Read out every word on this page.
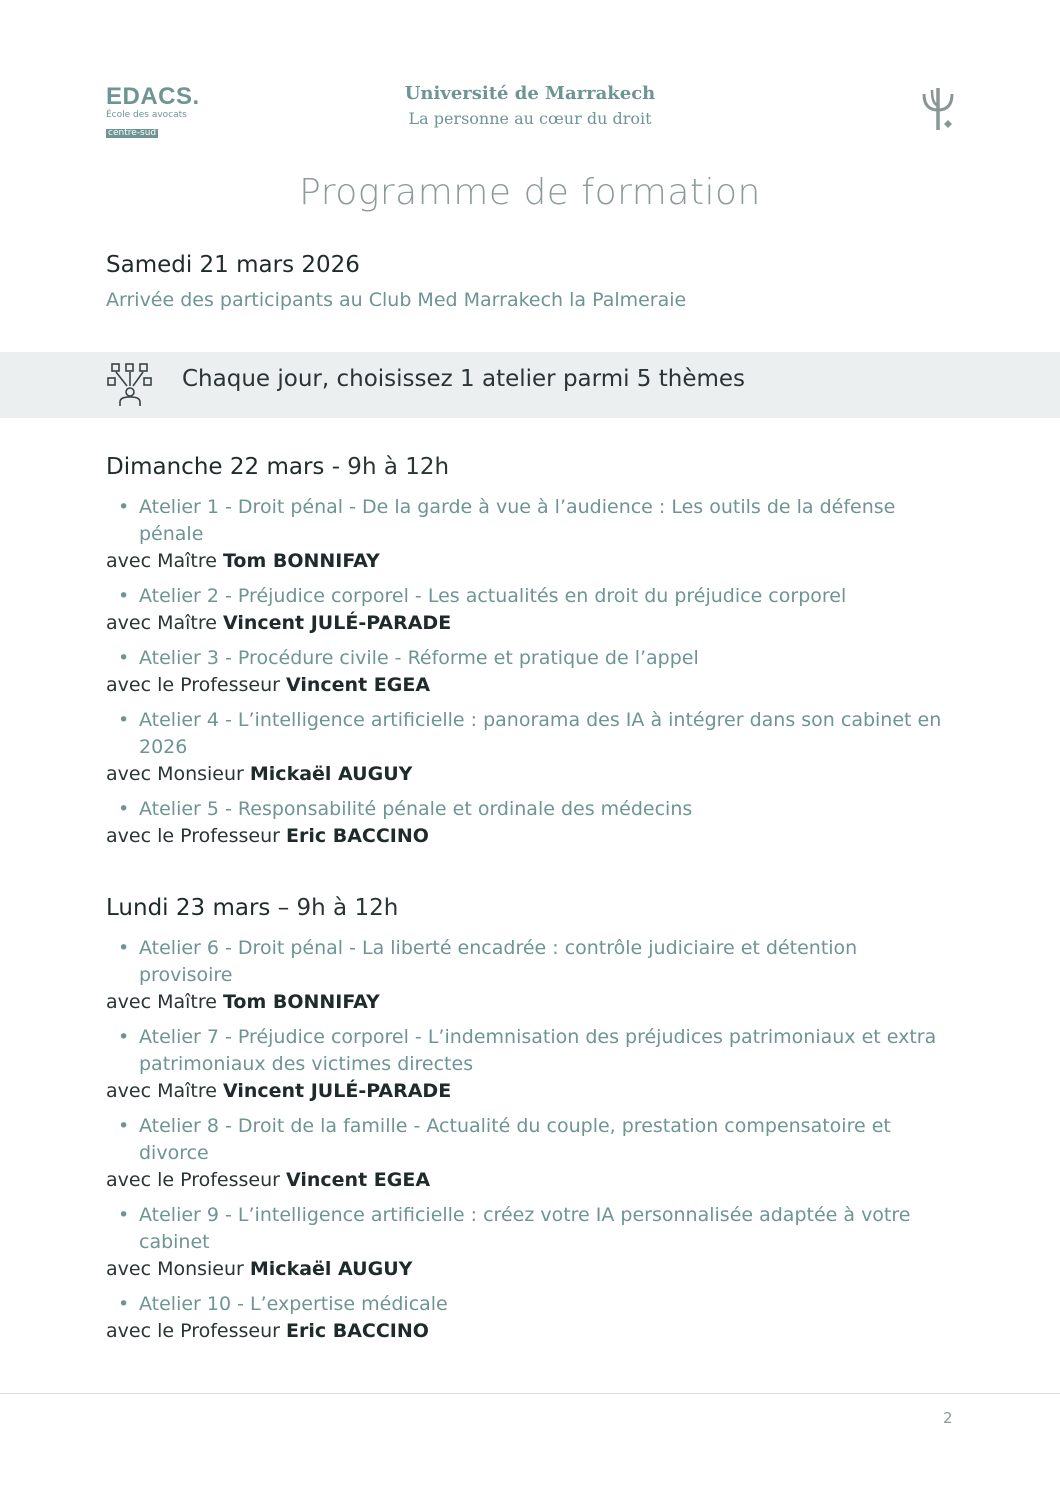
EDACS.
École des avocats
centre-sud
Université de Marrakech
La personne au cœur du droit
Programme de formation
Samedi 21 mars 2026
Arrivée des participants au Club Med Marrakech la Palmeraie
Chaque jour, choisissez 1 atelier parmi 5 thèmes
Dimanche 22 mars - 9h à 12h
• Atelier 1 - Droit pénal - De la garde à vue à l’audience : Les outils de la défense pénale
avec Maître Tom BONNIFAY
• Atelier 2 - Préjudice corporel - Les actualités en droit du préjudice corporel
avec Maître Vincent JULÉ-PARADE
• Atelier 3 - Procédure civile - Réforme et pratique de l’appel
avec le Professeur Vincent EGEA
• Atelier 4 - L’intelligence artificielle : panorama des IA à intégrer dans son cabinet en 2026
avec Monsieur Mickaël AUGUY
• Atelier 5 - Responsabilité pénale et ordinale des médecins
avec le Professeur Eric BACCINO
Lundi 23 mars – 9h à 12h
• Atelier 6 - Droit pénal - La liberté encadrée : contrôle judiciaire et détention provisoire
avec Maître Tom BONNIFAY
• Atelier 7 - Préjudice corporel - L’indemnisation des préjudices patrimoniaux et extra patrimoniaux des victimes directes
avec Maître Vincent JULÉ-PARADE
• Atelier 8 - Droit de la famille - Actualité du couple, prestation compensatoire et divorce
avec le Professeur Vincent EGEA
• Atelier 9 - L’intelligence artificielle : créez votre IA personnalisée adaptée à votre cabinet
avec Monsieur Mickaël AUGUY
• Atelier 10 - L’expertise médicale
avec le Professeur Eric BACCINO
2
